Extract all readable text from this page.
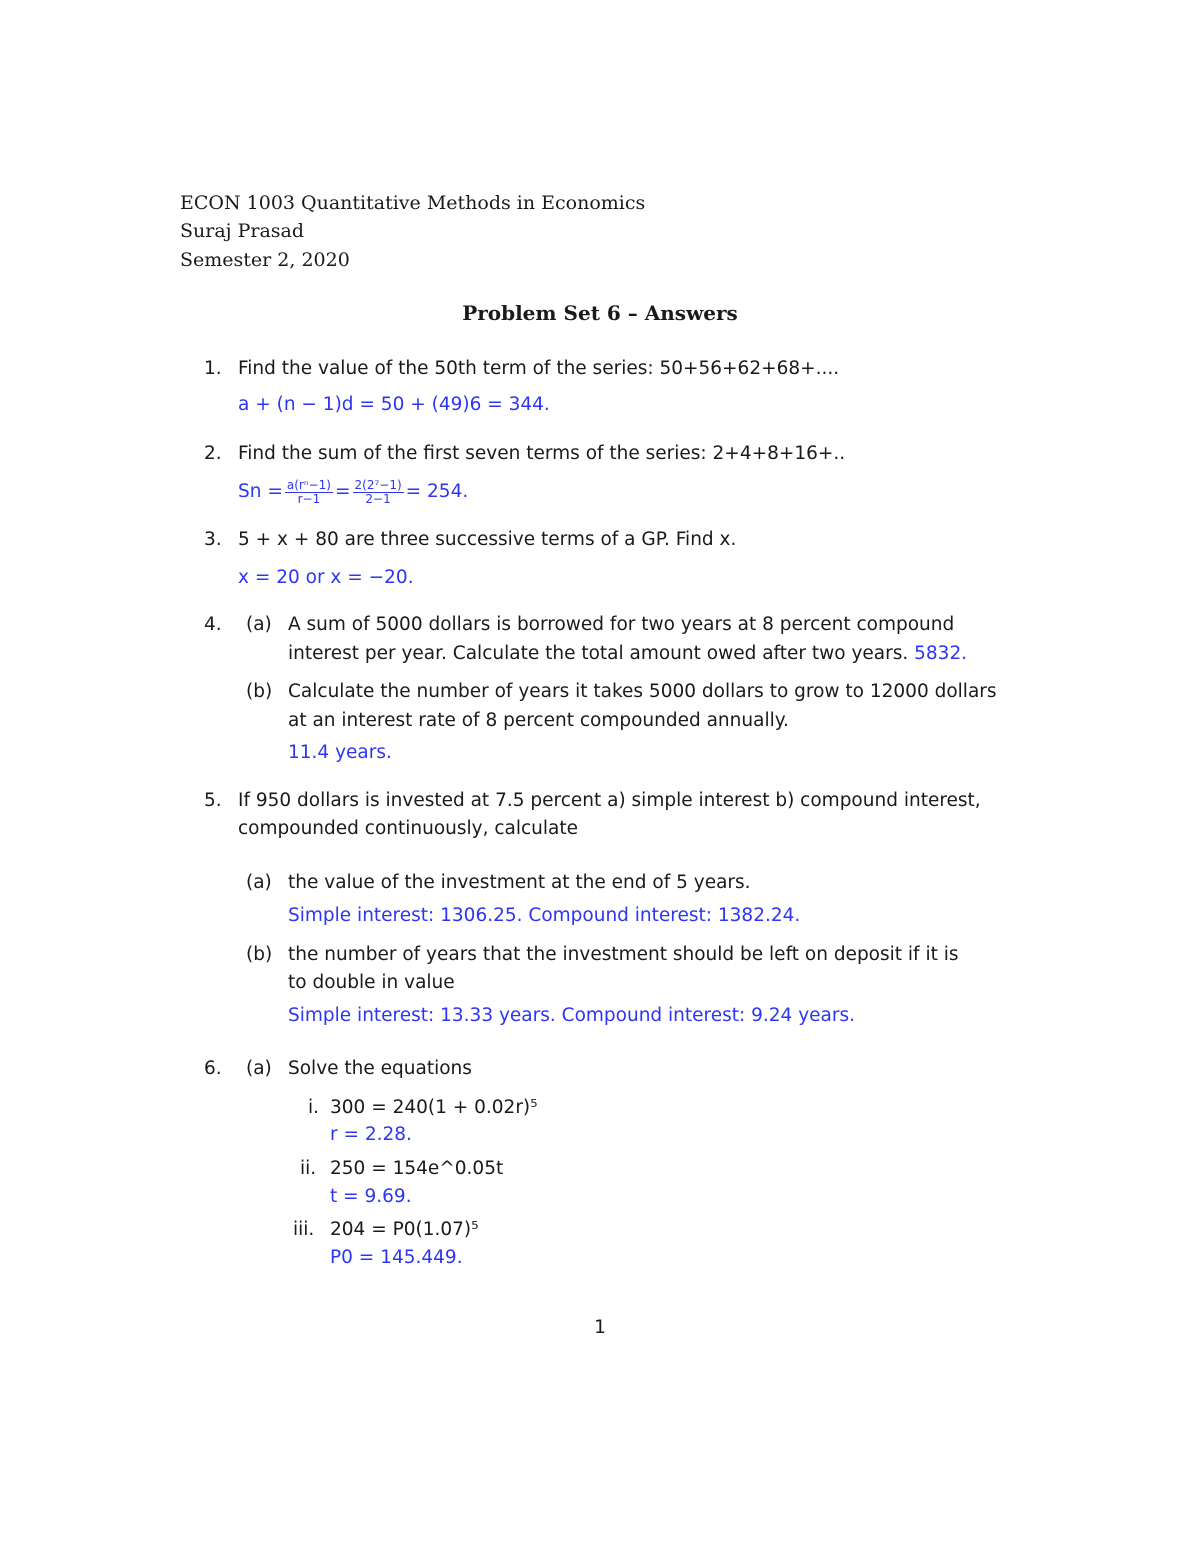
ECON 1003 Quantitative Methods in Economics
Suraj Prasad
Semester 2, 2020
Problem Set 6 – Answers
1. Find the value of the 50th term of the series: 50+56+62+68+....
a + (n − 1)d = 50 + (49)6 = 344.
2. Find the sum of the first seven terms of the series: 2+4+8+16+..
$Sn = \frac{\text{a(rⁿ−1)}}{r-1} = \frac{\text{2(2⁷−1)}}{2-1} = 254$.
3. 5 + x + 80 are three successive terms of a GP. Find x.
x = 20 or x = −20.
4. (a) A sum of 5000 dollars is borrowed for two years at 8 percent compound
interest per year. Calculate the total amount owed after two years. 5832.
(b) Calculate the number of years it takes 5000 dollars to grow to 12000 dollars
at an interest rate of 8 percent compounded annually.
11.4 years.
5. If 950 dollars is invested at 7.5 percent a) simple interest b) compound interest,
compounded continuously, calculate
(a) the value of the investment at the end of 5 years.
Simple interest: 1306.25. Compound interest: 1382.24.
(b) the number of years that the investment should be left on deposit if it is
to double in value
Simple interest: 13.33 years. Compound interest: 9.24 years.
6. (a) Solve the equations
i. 300 = 240(1 + 0.02r)⁵
r = 2.28.
ii. 250 = 154e^0.05t
t = 9.69.
iii. 204 = P0(1.07)⁵
P0 = 145.449.
1
